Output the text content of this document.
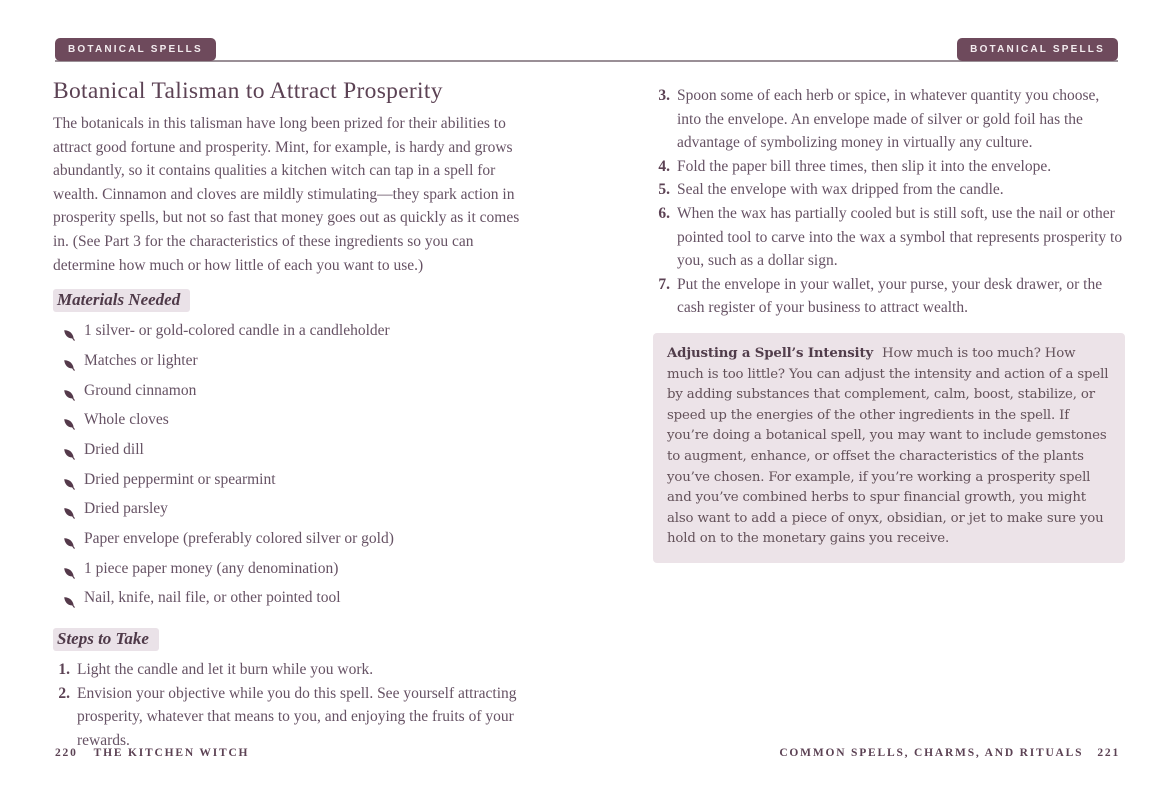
BOTANICAL SPELLS	BOTANICAL SPELLS
Botanical Talisman to Attract Prosperity

The botanicals in this talisman have long been prized for their abilities to attract good fortune and prosperity. Mint, for example, is hardy and grows abundantly, so it contains qualities a kitchen witch can tap in a spell for wealth. Cinnamon and cloves are mildly stimulating—they spark action in prosperity spells, but not so fast that money goes out as quickly as it comes in. (See Part 3 for the characteristics of these ingredients so you can determine how much or how little of each you want to use.)

Materials Needed
1 silver- or gold-colored candle in a candleholder
Matches or lighter
Ground cinnamon
Whole cloves
Dried dill
Dried peppermint or spearmint
Dried parsley
Paper envelope (preferably colored silver or gold)
1 piece paper money (any denomination)
Nail, knife, nail file, or other pointed tool
Steps to Take
1. Light the candle and let it burn while you work.
2. Envision your objective while you do this spell. See yourself attracting prosperity, whatever that means to you, and enjoying the fruits of your rewards.
3. Spoon some of each herb or spice, in whatever quantity you choose, into the envelope. An envelope made of silver or gold foil has the advantage of symbolizing money in virtually any culture.
4. Fold the paper bill three times, then slip it into the envelope.
5. Seal the envelope with wax dripped from the candle.
6. When the wax has partially cooled but is still soft, use the nail or other pointed tool to carve into the wax a symbol that represents prosperity to you, such as a dollar sign.
7. Put the envelope in your wallet, your purse, your desk drawer, or the cash register of your business to attract wealth.
Adjusting a Spell’s Intensity How much is too much? How much is too little? You can adjust the intensity and action of a spell by adding substances that complement, calm, boost, stabilize, or speed up the energies of the other ingredients in the spell. If you’re doing a botanical spell, you may want to include gemstones to augment, enhance, or offset the characteristics of the plants you’ve chosen. For example, if you’re working a prosperity spell and you’ve combined herbs to spur financial growth, you might also want to add a piece of onyx, obsidian, or jet to make sure you hold on to the monetary gains you receive.
220 THE KITCHEN WITCH	COMMON SPELLS, CHARMS, AND RITUALS 221
